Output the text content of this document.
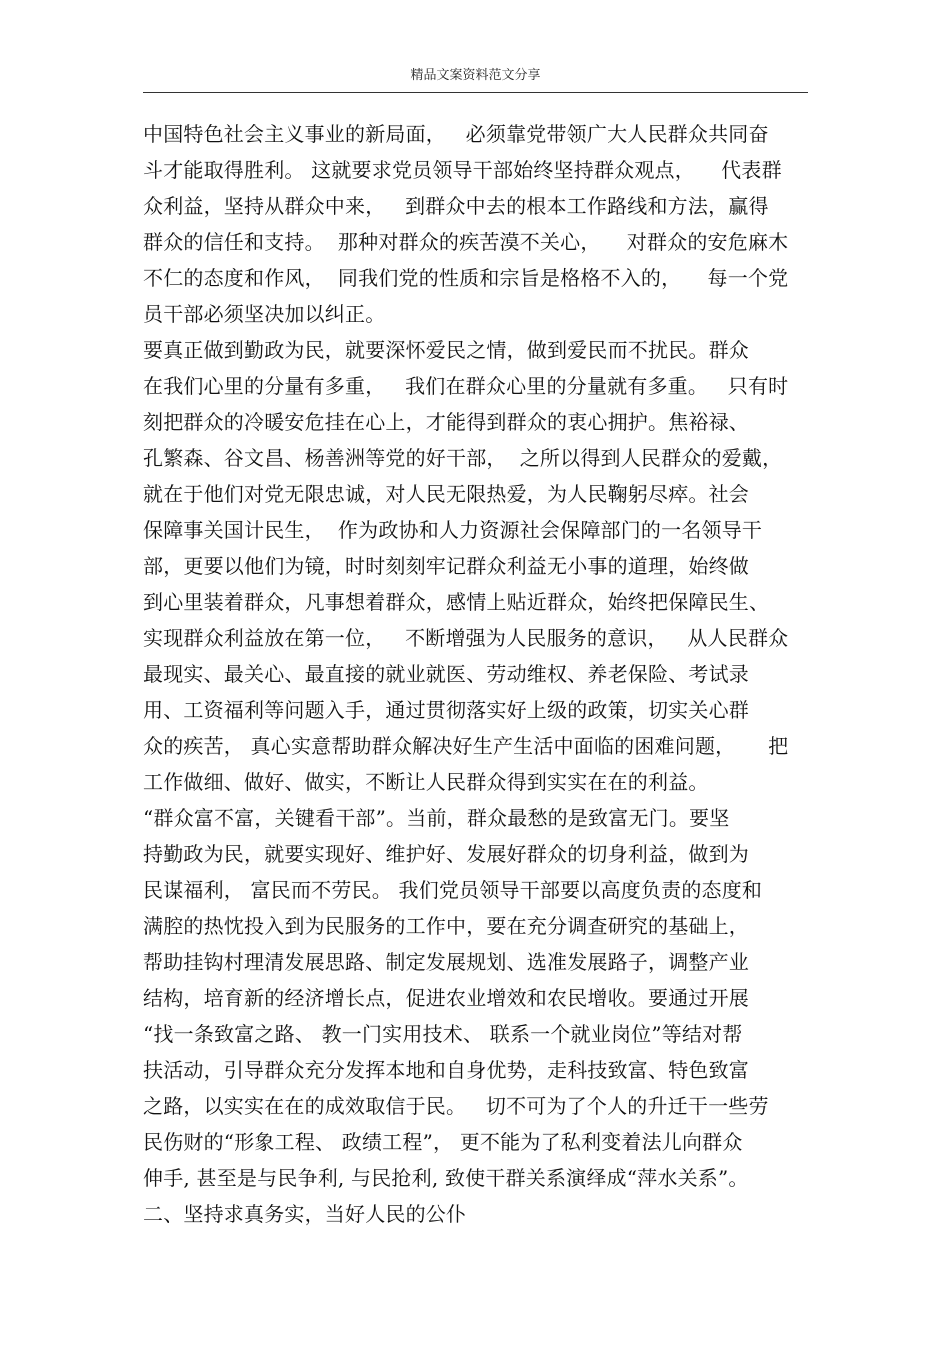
精品文案资料范文分享
中国特色社会主义事业的新局面，   必须靠党带领广大人民群众共同奋
斗才能取得胜利。 这就要求党员领导干部始终坚持群众观点，    代表群
众利益，坚持从群众中来，   到群众中去的根本工作路线和方法，赢得
群众的信任和支持。  那种对群众的疾苦漠不关心，    对群众的安危麻木
不仁的态度和作风，  同我们党的性质和宗旨是格格不入的，    每一个党
员干部必须坚决加以纠正。
要真正做到勤政为民，就要深怀爱民之情，做到爱民而不扰民。群众
在我们心里的分量有多重，   我们在群众心里的分量就有多重。   只有时
刻把群众的冷暖安危挂在心上，才能得到群众的衷心拥护。焦裕禄、
孔繁森、谷文昌、杨善洲等党的好干部，  之所以得到人民群众的爱戴，
就在于他们对党无限忠诚，对人民无限热爱，为人民鞠躬尽瘁。社会
保障事关国计民生，  作为政协和人力资源社会保障部门的一名领导干
部，更要以他们为镜，时时刻刻牢记群众利益无小事的道理，始终做
到心里装着群众，凡事想着群众，感情上贴近群众，始终把保障民生、
实现群众利益放在第一位，   不断增强为人民服务的意识，   从人民群众
最现实、最关心、最直接的就业就医、劳动维权、养老保险、考试录
用、工资福利等问题入手，通过贯彻落实好上级的政策，切实关心群
众的疾苦， 真心实意帮助群众解决好生产生活中面临的困难问题，     把
工作做细、做好、做实，不断让人民群众得到实实在在的利益。
“群众富不富，关键看干部”。当前，群众最愁的是致富无门。要坚
持勤政为民，就要实现好、维护好、发展好群众的切身利益，做到为
民谋福利， 富民而不劳民。 我们党员领导干部要以高度负责的态度和
满腔的热忱投入到为民服务的工作中，要在充分调查研究的基础上，
帮助挂钩村理清发展思路、制定发展规划、选准发展路子，调整产业
结构，培育新的经济增长点，促进农业增效和农民增收。要通过开展
“找一条致富之路、 教一门实用技术、 联系一个就业岗位”等结对帮
扶活动，引导群众充分发挥本地和自身优势，走科技致富、特色致富
之路，以实实在在的成效取信于民。   切不可为了个人的升迁干一些劳
民伤财的“形象工程、 政绩工程”， 更不能为了私利变着法儿向群众
伸手, 甚至是与民争利, 与民抢利, 致使干群关系演绎成“萍水关系”。
二、坚持求真务实，当好人民的公仆
